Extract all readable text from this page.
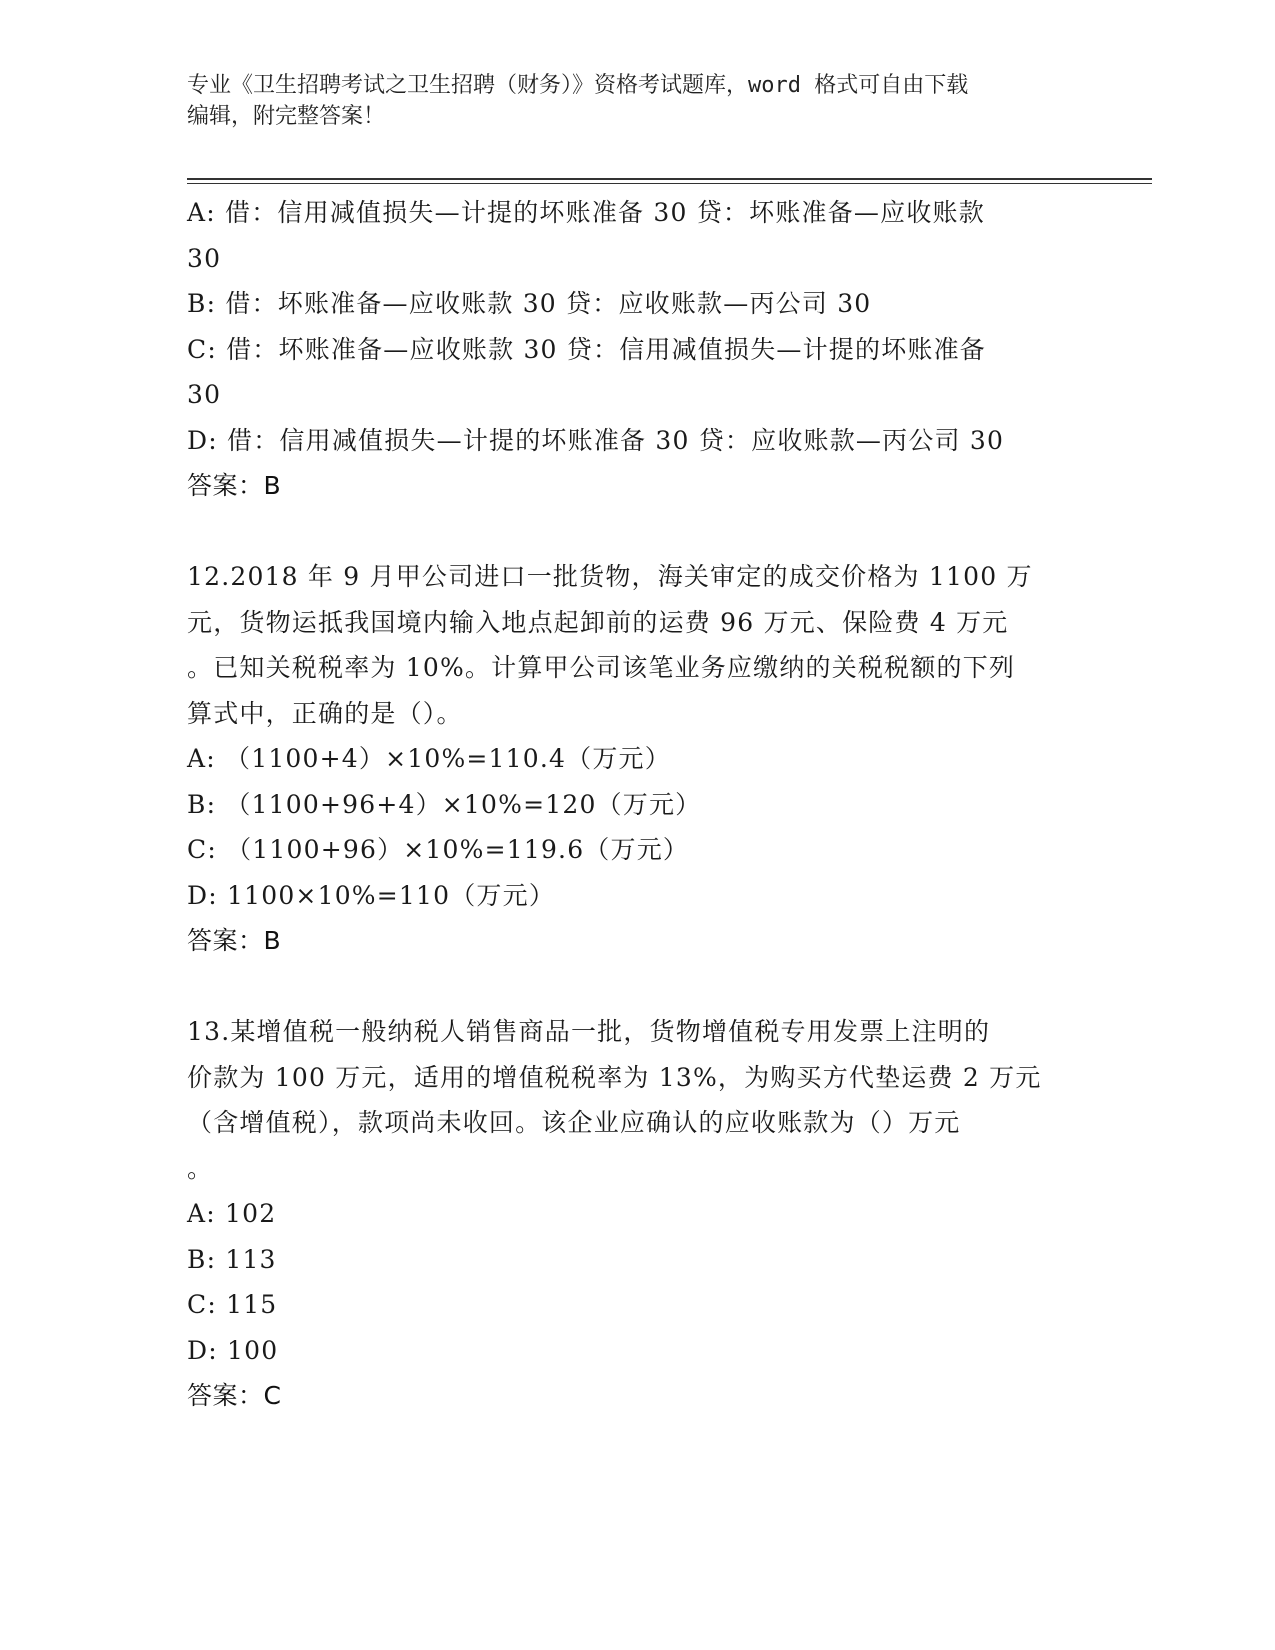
专业《卫生招聘考试之卫生招聘（财务）》资格考试题库，word 格式可自由下载
编辑，附完整答案！
A: 借：信用减值损失—计提的坏账准备 30 贷：坏账准备—应收账款
30
B: 借：坏账准备—应收账款 30 贷：应收账款—丙公司 30
C: 借：坏账准备—应收账款 30 贷：信用减值损失—计提的坏账准备
30
D: 借：信用减值损失—计提的坏账准备 30 贷：应收账款—丙公司 30
答案：B
12.2018 年 9 月甲公司进口一批货物，海关审定的成交价格为 1100 万
元，货物运抵我国境内输入地点起卸前的运费 96 万元、保险费 4 万元
。已知关税税率为 10%。计算甲公司该笔业务应缴纳的关税税额的下列
算式中，正确的是（）。
A: （1100+4）×10%=110.4（万元）
B: （1100+96+4）×10%=120（万元）
C: （1100+96）×10%=119.6（万元）
D: 1100×10%=110（万元）
答案：B
13.某增值税一般纳税人销售商品一批，货物增值税专用发票上注明的
价款为 100 万元，适用的增值税税率为 13%，为购买方代垫运费 2 万元
（含增值税），款项尚未收回。该企业应确认的应收账款为（）万元
。
A: 102
B: 113
C: 115
D: 100
答案：C
